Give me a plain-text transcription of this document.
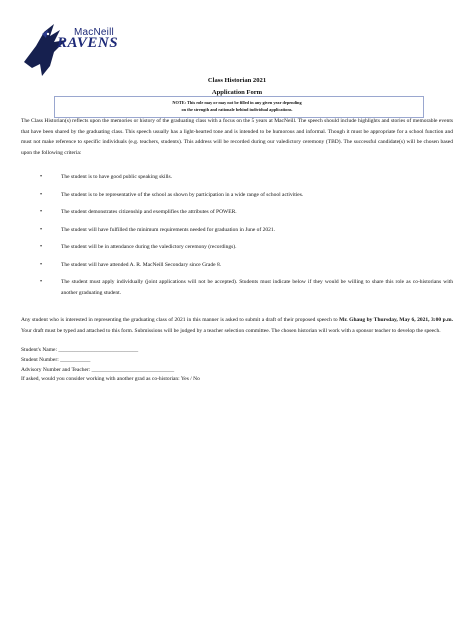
MacNeill
RAVENS
Class Historian 2021
Application Form
NOTE: This role may or may not be filled in any given year depending
on the strength and rationale behind individual applications.
The Class Historian(s) reflects upon the memories or history of the graduating class with a focus on the 5 years at MacNeill. The speech should include highlights and stories of memorable events that have been shared by the graduating class. This speech usually has a light-hearted tone and is intended to be humorous and informal. Though it must be appropriate for a school function and must not make reference to specific individuals (e.g. teachers, students). This address will be recorded during our valedictory ceremony (TBD). The successful candidate(s) will be chosen based upon the following criteria:
•	The student is to have good public speaking skills.
•	The student is to be representative of the school as shown by participation in a wide range of school activities.
•	The student demonstrates citizenship and exemplifies the attributes of POWER.
•	The student will have fulfilled the minimum requirements needed for graduation in June of 2021.
•	The student will be in attendance during the valedictory ceremony (recordings).
•	The student will have attended A. R. MacNeill Secondary since Grade 8.
•	The student must apply individually (joint applications will not be accepted). Students must indicate below if they would be willing to share this role as co-historians with another graduating student.
Any student who is interested in representing the graduating class of 2021 in this manner is asked to submit a draft of their proposed speech to Mr. Ghaug by Thursday, May 6, 2021, 3:00 p.m. Your draft must be typed and attached to this form. Submissions will be judged by a teacher selection committee. The chosen historian will work with a sponsor teacher to develop the speech.
Student's Name: _____________________________
Student Number: ___________
Advisory Number and Teacher: ______________________________
If asked, would you consider working with another grad as co-historian: Yes / No
